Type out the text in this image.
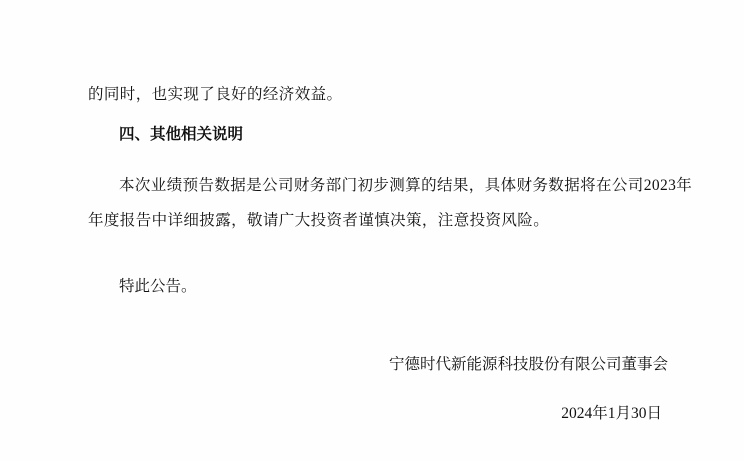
的同时，也实现了良好的经济效益。

四、其他相关说明

本次业绩预告数据是公司财务部门初步测算的结果，具体财务数据将在公司2023年
年度报告中详细披露，敬请广大投资者谨慎决策，注意投资风险。

特此公告。

宁德时代新能源科技股份有限公司董事会

2024年1月30日
